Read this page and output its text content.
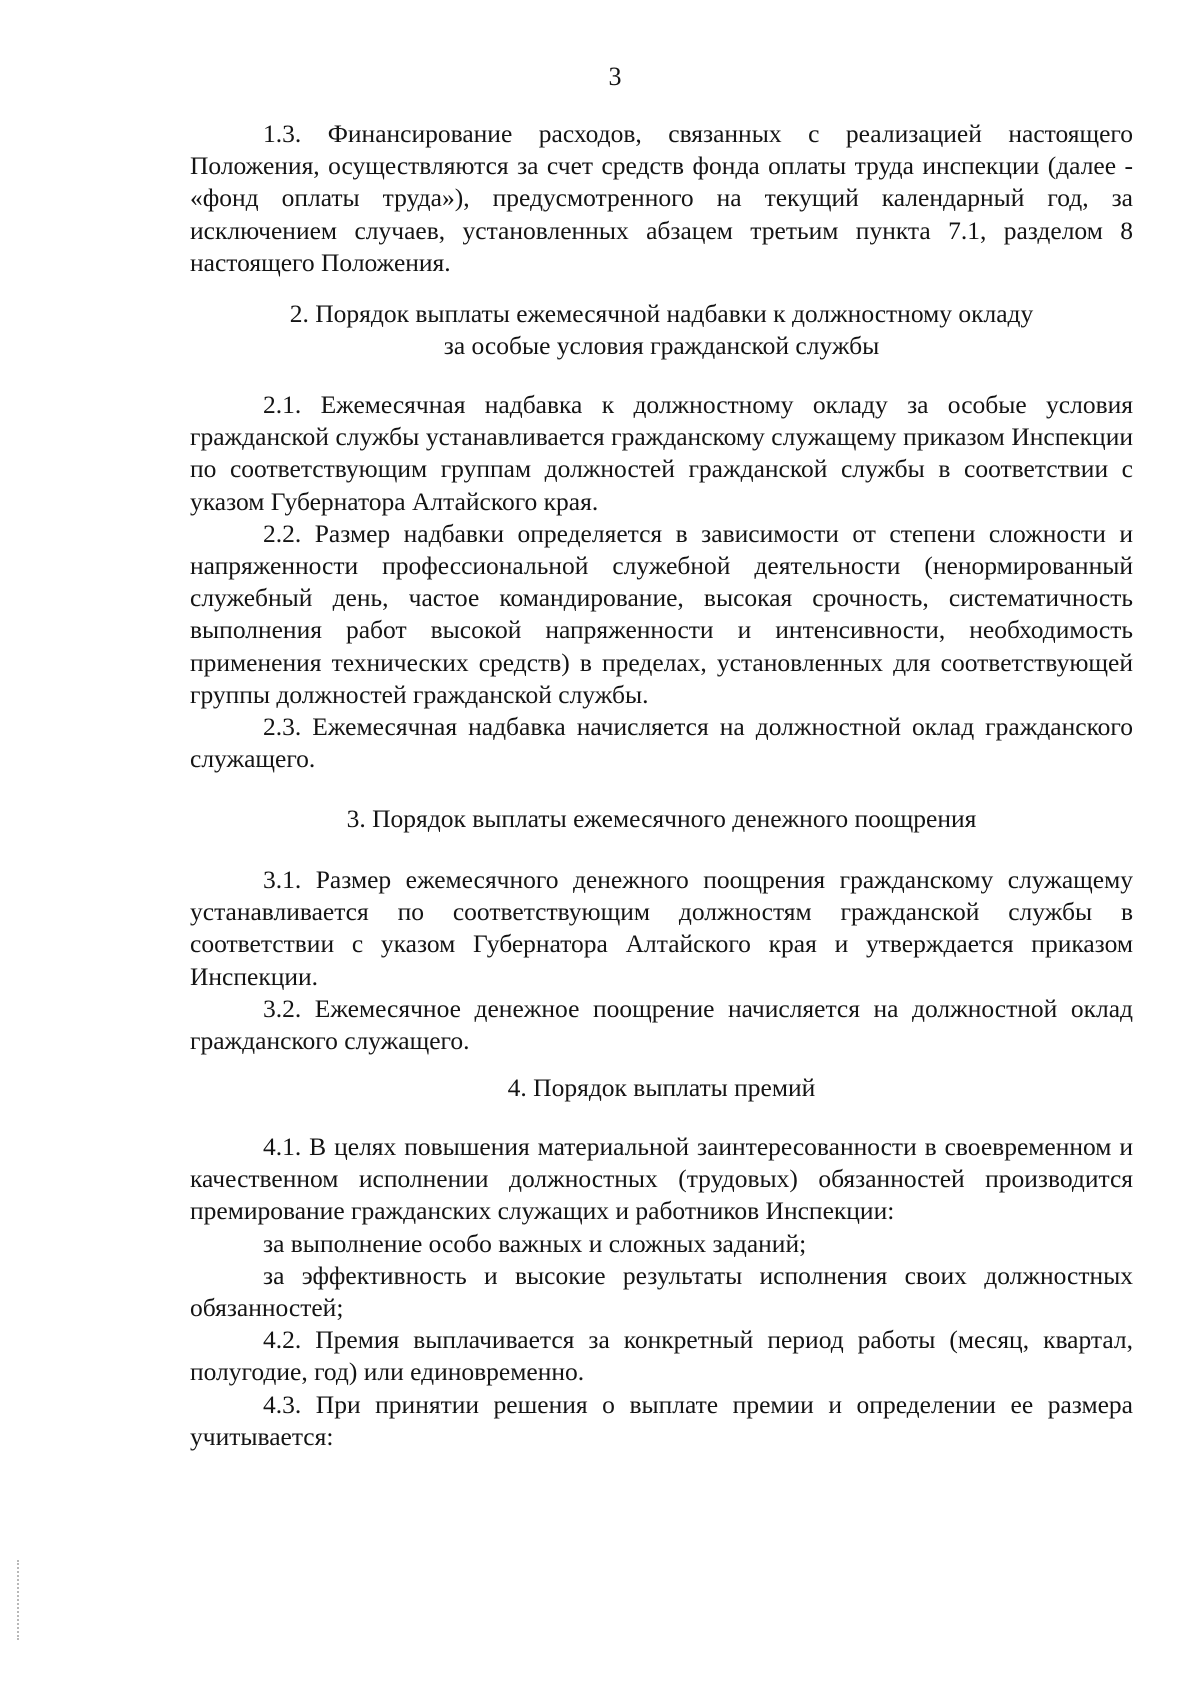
3
1.3. Финансирование расходов, связанных с реализацией настоящего Положения, осуществляются за счет средств фонда оплаты труда инспекции (далее - «фонд оплаты труда»), предусмотренного на текущий календарный год, за исключением случаев, установленных абзацем третьим пункта 7.1, разделом 8 настоящего Положения.
2. Порядок выплаты ежемесячной надбавки к должностному окладу
за особые условия гражданской службы
2.1. Ежемесячная надбавка к должностному окладу за особые условия гражданской службы устанавливается гражданскому служащему приказом Инспекции по соответствующим группам должностей гражданской службы в соответствии с указом Губернатора Алтайского края.
2.2. Размер надбавки определяется в зависимости от степени сложности и напряженности профессиональной служебной деятельности (ненормированный служебный день, частое командирование, высокая срочность, систематичность выполнения работ высокой напряженности и интенсивности, необходимость применения технических средств) в пределах, установленных для соответствующей группы должностей гражданской службы.
2.3. Ежемесячная надбавка начисляется на должностной оклад гражданского служащего.
3. Порядок выплаты ежемесячного денежного поощрения
3.1. Размер ежемесячного денежного поощрения гражданскому служащему устанавливается по соответствующим должностям гражданской службы в соответствии с указом Губернатора Алтайского края и утверждается приказом Инспекции.
3.2. Ежемесячное денежное поощрение начисляется на должностной оклад гражданского служащего.
4. Порядок выплаты премий
4.1. В целях повышения материальной заинтересованности в своевременном и качественном исполнении должностных (трудовых) обязанностей производится премирование гражданских служащих и работников Инспекции:
за выполнение особо важных и сложных заданий;
за эффективность и высокие результаты исполнения своих должностных обязанностей;
4.2. Премия выплачивается за конкретный период работы (месяц, квартал, полугодие, год) или единовременно.
4.3. При принятии решения о выплате премии и определении ее размера учитывается:
